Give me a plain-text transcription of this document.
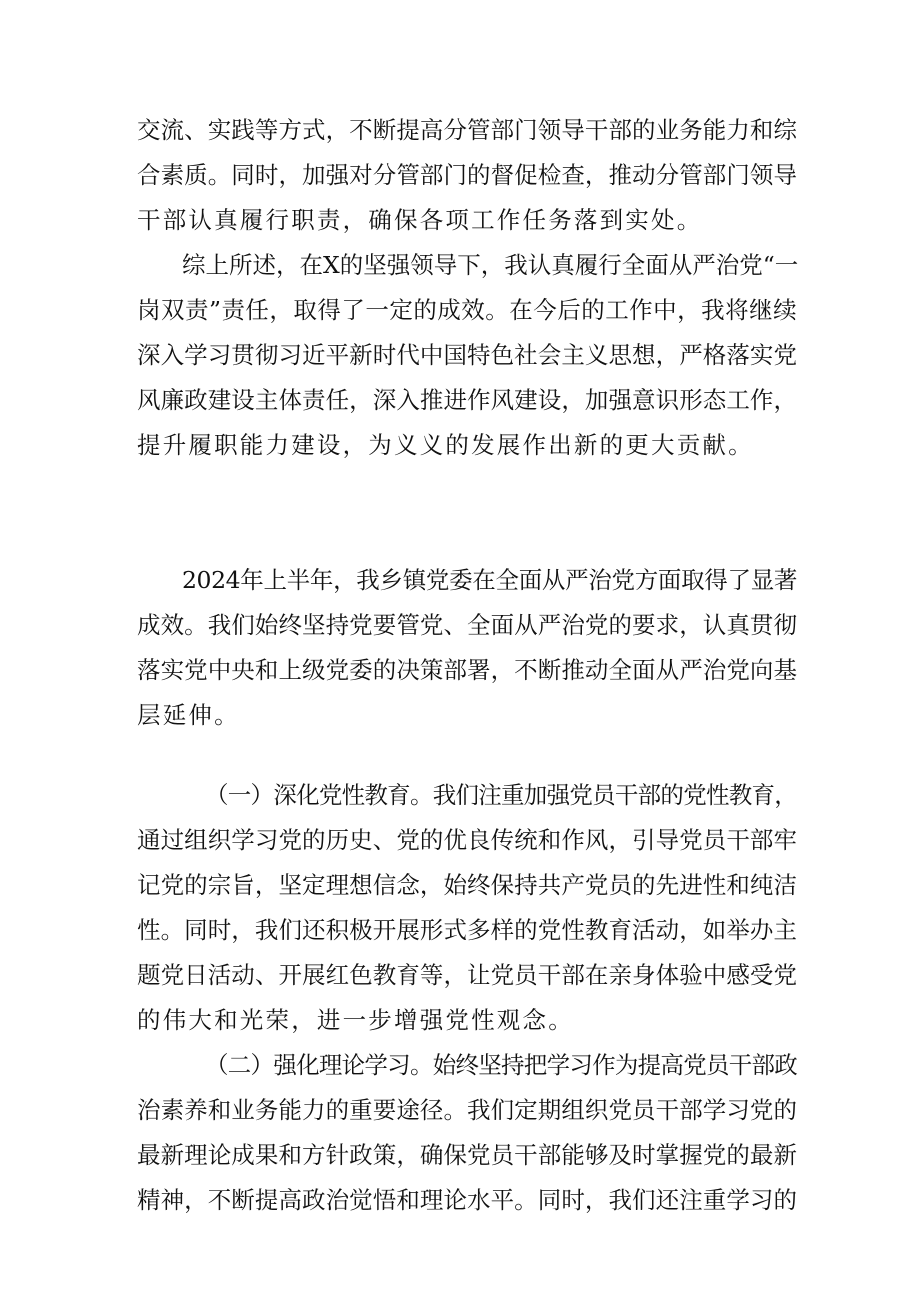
交流、实践等方式，不断提高分管部门领导干部的业务能力和综
合素质。同时，加强对分管部门的督促检查，推动分管部门领导
干部认真履行职责，确保各项工作任务落到实处。
综上所述，在X的坚强领导下，我认真履行全面从严治党“一
岗双责”责任，取得了一定的成效。在今后的工作中，我将继续
深入学习贯彻习近平新时代中国特色社会主义思想，严格落实党
风廉政建设主体责任，深入推进作风建设，加强意识形态工作，
提升履职能力建设，为义义的发展作出新的更大贡献。
2024年上半年，我乡镇党委在全面从严治党方面取得了显著
成效。我们始终坚持党要管党、全面从严治党的要求，认真贯彻
落实党中央和上级党委的决策部署，不断推动全面从严治党向基
层延伸。
（一）深化党性教育。我们注重加强党员干部的党性教育，
通过组织学习党的历史、党的优良传统和作风，引导党员干部牢
记党的宗旨，坚定理想信念，始终保持共产党员的先进性和纯洁
性。同时，我们还积极开展形式多样的党性教育活动，如举办主
题党日活动、开展红色教育等，让党员干部在亲身体验中感受党
的伟大和光荣，进一步增强党性观念。
（二）强化理论学习。始终坚持把学习作为提高党员干部政
治素养和业务能力的重要途径。我们定期组织党员干部学习党的
最新理论成果和方针政策，确保党员干部能够及时掌握党的最新
精神，不断提高政治觉悟和理论水平。同时，我们还注重学习的
